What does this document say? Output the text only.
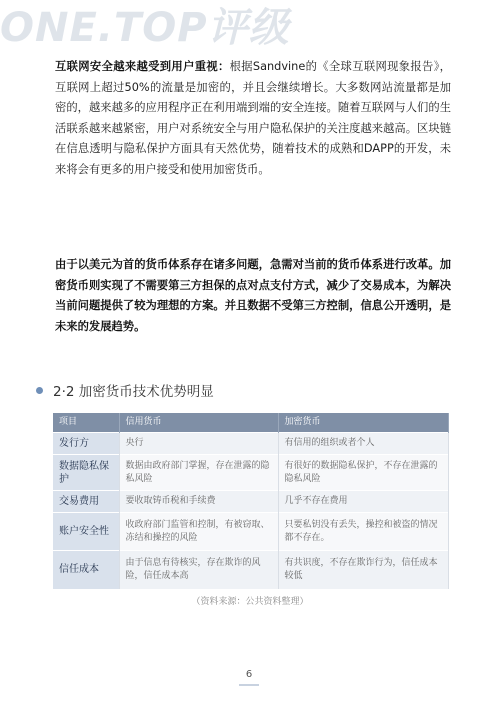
ONE.TOP评级
互联网安全越来越受到用户重视：根据Sandvine的《全球互联网现象报告》，互联网上超过50%的流量是加密的，并且会继续增长。大多数网站流量都是加密的，越来越多的应用程序正在利用端到端的安全连接。随着互联网与人们的生活联系越来越紧密，用户对系统安全与用户隐私保护的关注度越来越高。区块链在信息透明与隐私保护方面具有天然优势，随着技术的成熟和DAPP的开发，未来将会有更多的用户接受和使用加密货币。
由于以美元为首的货币体系存在诸多问题，急需对当前的货币体系进行改革。加密货币则实现了不需要第三方担保的点对点支付方式，减少了交易成本，为解决当前问题提供了较为理想的方案。并且数据不受第三方控制，信息公开透明，是未来的发展趋势。
2·2 加密货币技术优势明显
项目	信用货币	加密货币
发行方	央行	有信用的组织或者个人
数据隐私保护	数据由政府部门掌握，存在泄露的隐私风险	有很好的数据隐私保护，不存在泄露的隐私风险
交易费用	要收取铸币税和手续费	几乎不存在费用
账户安全性	收政府部门监管和控制，有被窃取、冻结和操控的风险	只要私钥没有丢失，操控和被盗的情况都不存在。
信任成本	由于信息有待核实，存在欺诈的风险，信任成本高	有共识度，不存在欺诈行为，信任成本较低
（资料来源：公共资料整理）
6
